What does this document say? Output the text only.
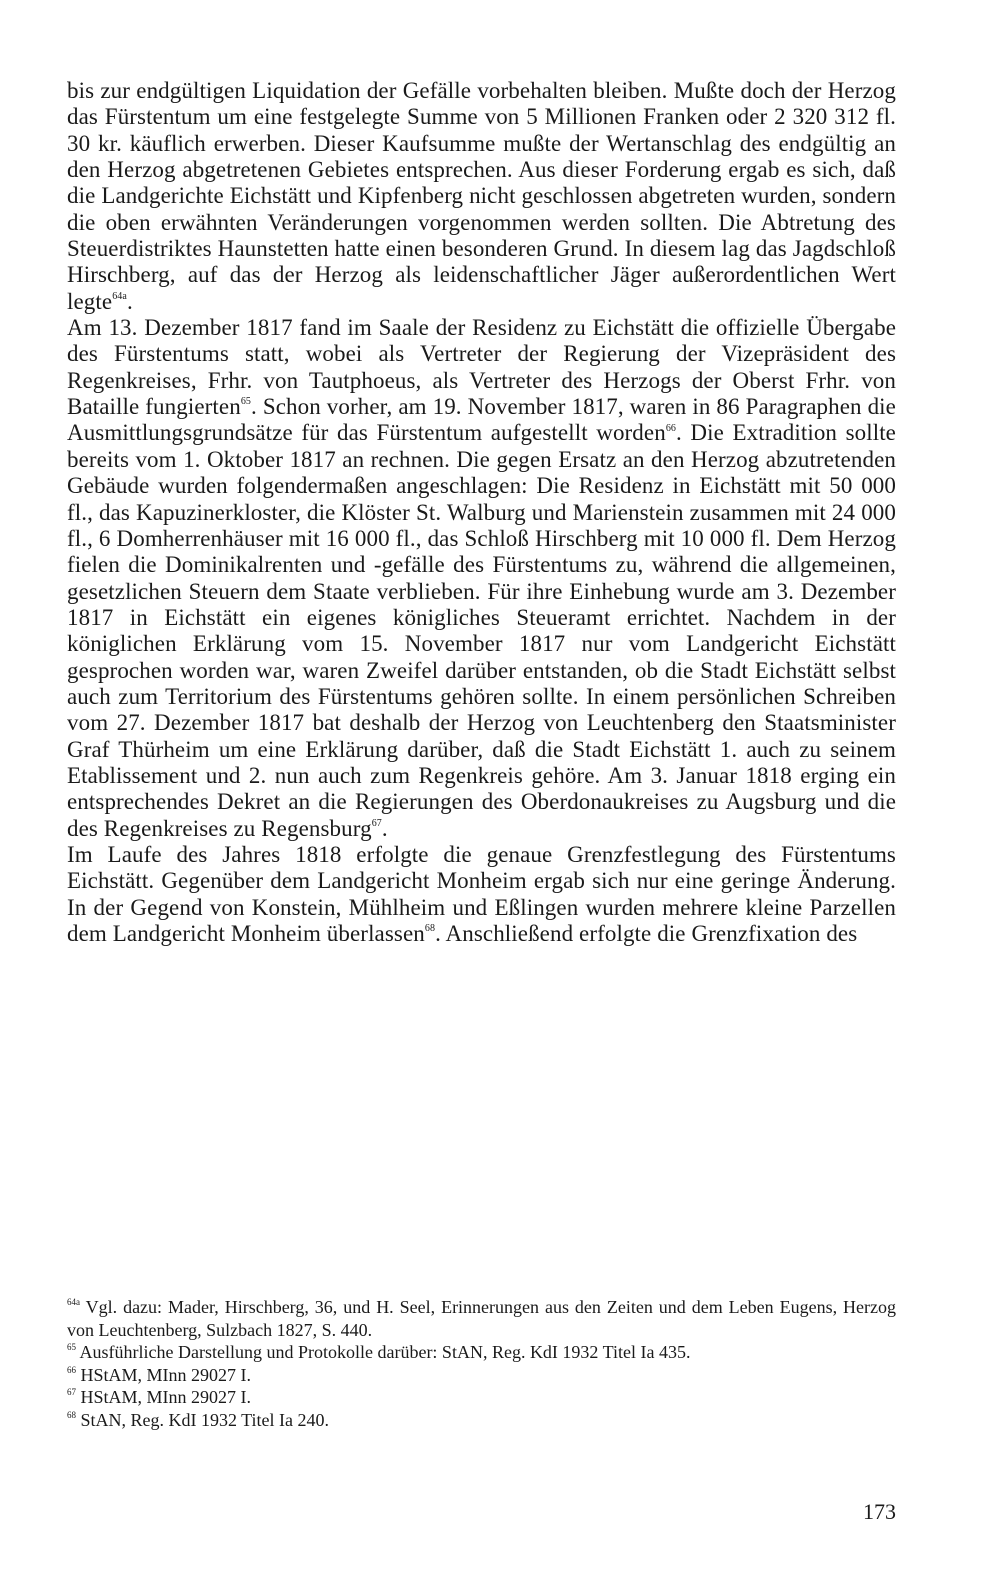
bis zur endgültigen Liquidation der Gefälle vorbehalten bleiben. Mußte doch der Herzog das Fürstentum um eine festgelegte Summe von 5 Millionen Franken oder 2 320 312 fl. 30 kr. käuflich erwerben. Dieser Kaufsumme mußte der Wertanschlag des endgültig an den Herzog abgetretenen Gebietes entsprechen. Aus dieser Forderung ergab es sich, daß die Landgerichte Eichstätt und Kipfenberg nicht geschlossen abgetreten wurden, sondern die oben erwähnten Veränderungen vorgenommen werden sollten. Die Abtretung des Steuerdistriktes Haunstetten hatte einen besonderen Grund. In diesem lag das Jagdschloß Hirschberg, auf das der Herzog als leidenschaftlicher Jäger außerordentlichen Wert legte$^{64a}$.

Am 13. Dezember 1817 fand im Saale der Residenz zu Eichstätt die offizielle Übergabe des Fürstentums statt, wobei als Vertreter der Regierung der Vizepräsident des Regenkreises, Frhr. von Tautphoeus, als Vertreter des Herzogs der Oberst Frhr. von Bataille fungierten$^{65}$. Schon vorher, am 19. November 1817, waren in 86 Paragraphen die Ausmittlungsgrundsätze für das Fürstentum aufgestellt worden$^{66}$. Die Extradition sollte bereits vom 1. Oktober 1817 an rechnen. Die gegen Ersatz an den Herzog abzutretenden Gebäude wurden folgendermaßen angeschlagen: Die Residenz in Eichstätt mit 50 000 fl., das Kapuzinerkloster, die Klöster St. Walburg und Marienstein zusammen mit 24 000 fl., 6 Domherrenhäuser mit 16 000 fl., das Schloß Hirschberg mit 10 000 fl. Dem Herzog fielen die Dominikalrenten und -gefälle des Fürstentums zu, während die allgemeinen, gesetzlichen Steuern dem Staate verblieben. Für ihre Einhebung wurde am 3. Dezember 1817 in Eichstätt ein eigenes königliches Steueramt errichtet. Nachdem in der königlichen Erklärung vom 15. November 1817 nur vom Landgericht Eichstätt gesprochen worden war, waren Zweifel darüber entstanden, ob die Stadt Eichstätt selbst auch zum Territorium des Fürstentums gehören sollte. In einem persönlichen Schreiben vom 27. Dezember 1817 bat deshalb der Herzog von Leuchtenberg den Staatsminister Graf Thürheim um eine Erklärung darüber, daß die Stadt Eichstätt 1. auch zu seinem Etablissement und 2. nun auch zum Regenkreis gehöre. Am 3. Januar 1818 erging ein entsprechendes Dekret an die Regierungen des Oberdonaukreises zu Augsburg und die des Regenkreises zu Regensburg$^{67}$.

Im Laufe des Jahres 1818 erfolgte die genaue Grenzfestlegung des Fürstentums Eichstätt. Gegenüber dem Landgericht Monheim ergab sich nur eine geringe Änderung. In der Gegend von Konstein, Mühlheim und Eßlingen wurden mehrere kleine Parzellen dem Landgericht Monheim überlassen$^{68}$. Anschließend erfolgte die Grenzfixation des

$^{64a}$ Vgl. dazu: Mader, Hirschberg, 36, und H. Seel, Erinnerungen aus den Zeiten und dem Leben Eugens, Herzog von Leuchtenberg, Sulzbach 1827, S. 440.

$^{65}$ Ausführliche Darstellung und Protokolle darüber: StAN, Reg. KdI 1932 Titel Ia 435.

$^{66}$ HStAM, MInn 29027 I.

$^{67}$ HStAM, MInn 29027 I.

$^{68}$ StAN, Reg. KdI 1932 Titel Ia 240.

173
